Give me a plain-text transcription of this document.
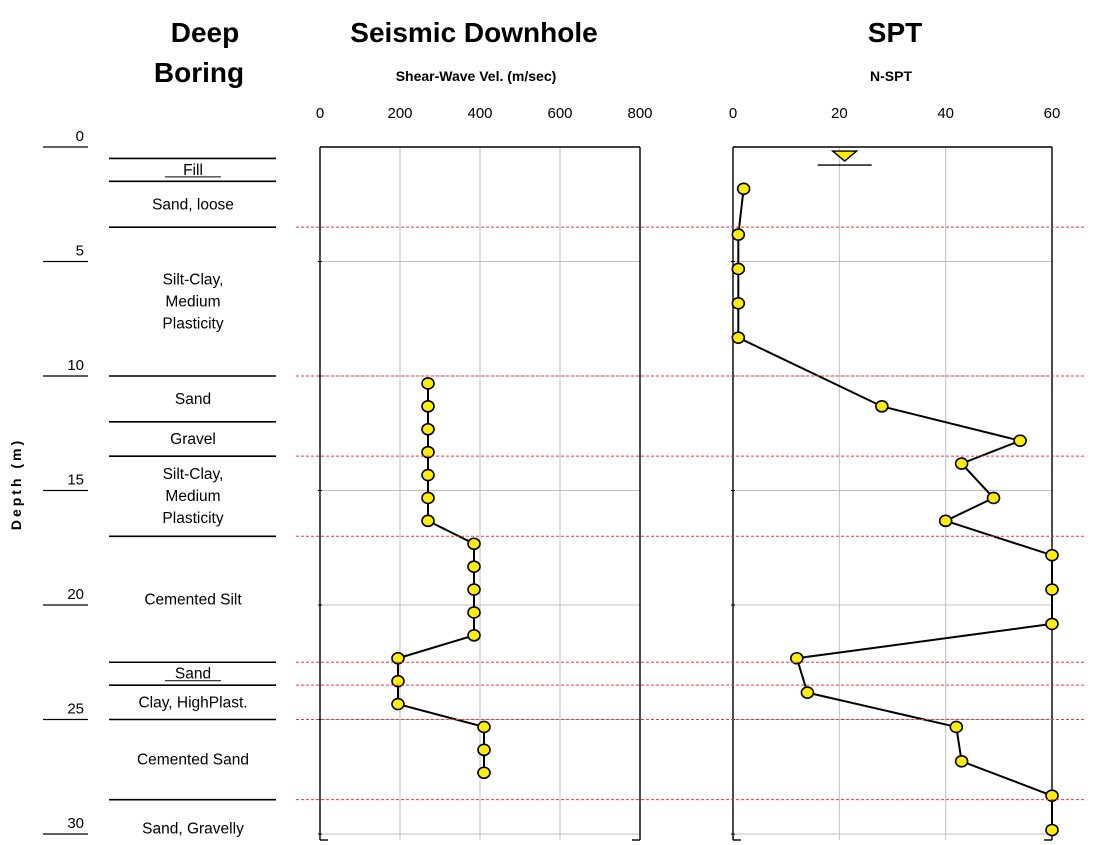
Deep
Boring
Seismic Downhole	SPT
Shear-Wave Vel. (m/sec)	N-SPT
Depth (m)
0
5
10
15
20
25
30
Fill
Sand, loose
Silt-Clay,
Medium
Plasticity
Sand
Gravel
Silt-Clay,
Medium
Plasticity
Cemented Silt
Sand
Clay, HighPlast.
Cemented Sand
Sand, Gravelly
0	200	400	600	800	0	20	40	60
